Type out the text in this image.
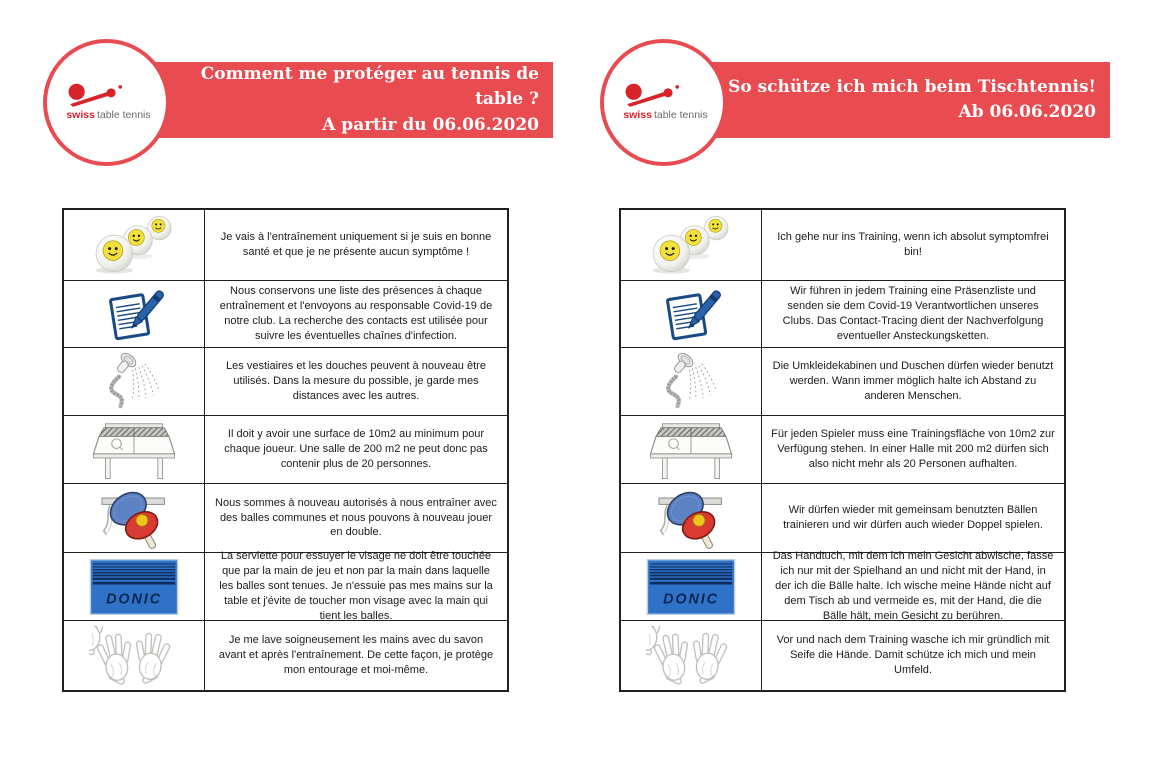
Comment me protéger au tennis de table ?
A partir du 06.06.2020
swiss table tennis
Je vais à l'entraînement uniquement si je suis en bonne santé et que je ne présente aucun symptôme !
Nous conservons une liste des présences à chaque entraînement et l'envoyons au responsable Covid-19 de notre club. La recherche des contacts est utilisée pour suivre les éventuelles chaînes d'infection.
Les vestiaires et les douches peuvent à nouveau être utilisés. Dans la mesure du possible, je garde mes distances avec les autres.
Il doit y avoir une surface de 10m2 au minimum pour chaque joueur. Une salle de 200 m2 ne peut donc pas contenir plus de 20 personnes.
Nous sommes à nouveau autorisés à nous entraîner avec des balles communes et nous pouvons à nouveau jouer en double.
La serviette pour essuyer le visage ne doit être touchée que par la main de jeu et non par la main dans laquelle les balles sont tenues. Je n'essuie pas mes mains sur la table et j'évite de toucher mon visage avec la main qui tient les balles.
Je me lave soigneusement les mains avec du savon avant et après l'entraînement. De cette façon, je protège mon entourage et moi-même.
So schütze ich mich beim Tischtennis!
Ab 06.06.2020
swiss table tennis
Ich gehe nur ins Training, wenn ich absolut symptomfrei bin!
Wir führen in jedem Training eine Präsenzliste und senden sie dem Covid-19 Verantwortlichen unseres Clubs. Das Contact-Tracing dient der Nachverfolgung eventueller Ansteckungsketten.
Die Umkleidekabinen und Duschen dürfen wieder benutzt werden. Wann immer möglich halte ich Abstand zu anderen Menschen.
Für jeden Spieler muss eine Trainingsfläche von 10m2 zur Verfügung stehen. In einer Halle mit 200 m2 dürfen sich also nicht mehr als 20 Personen aufhalten.
Wir dürfen wieder mit gemeinsam benutzten Bällen trainieren und wir dürfen auch wieder Doppel spielen.
Das Handtuch, mit dem ich mein Gesicht abwische, fasse ich nur mit der Spielhand an und nicht mit der Hand, in der ich die Bälle halte. Ich wische meine Hände nicht auf dem Tisch ab und vermeide es, mit der Hand, die die Bälle hält, mein Gesicht zu berühren.
Vor und nach dem Training wasche ich mir gründlich mit Seife die Hände. Damit schütze ich mich und mein Umfeld.
